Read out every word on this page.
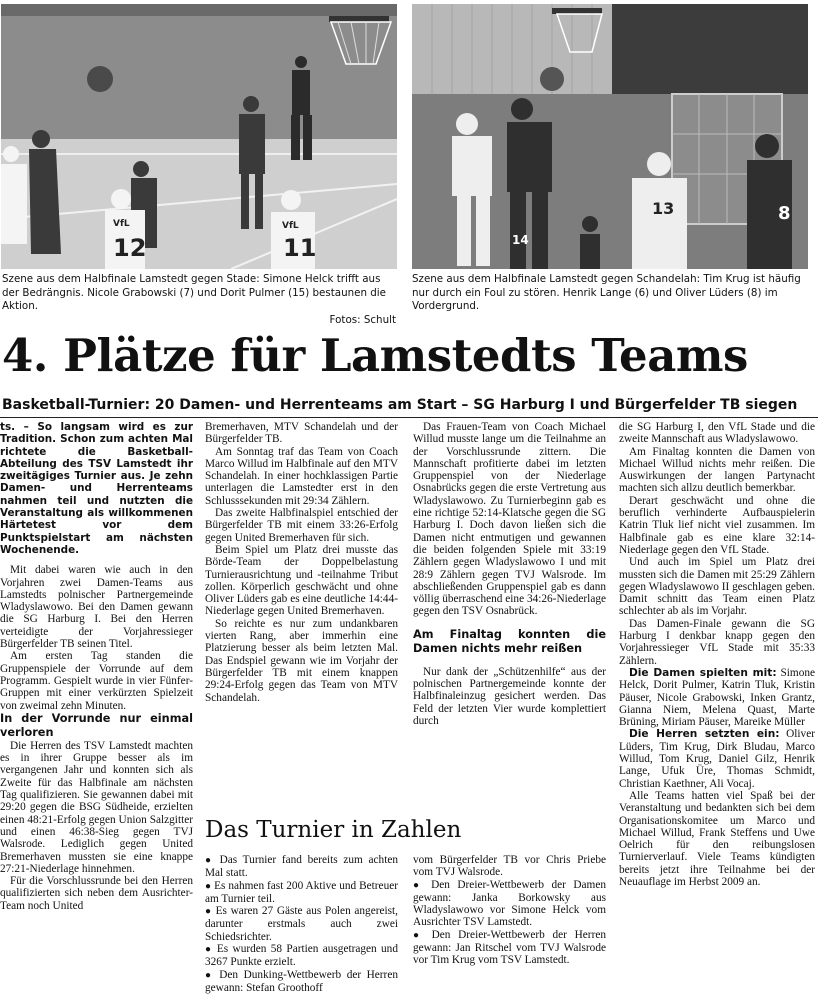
12	11
VfL	VfL
13	8
14
Szene aus dem Halbfinale Lamstedt gegen Stade: Simone Helck trifft aus der Bedrängnis. Nicole Grabowski (7) und Dorit Pulmer (15) bestaunen die Aktion.
Fotos: Schult
Szene aus dem Halbfinale Lamstedt gegen Schandelah: Tim Krug ist häufig nur durch ein Foul zu stören. Henrik Lange (6) und Oliver Lüders (8) im Vordergrund.
4. Plätze für Lamstedts Teams
Basketball-Turnier: 20 Damen- und Herrenteams am Start – SG Harburg I und Bürgerfelder TB siegen

ts. – So langsam wird es zur Tradition. Schon zum achten Mal richtete die Basketball-Abteilung des TSV Lamstedt ihr zweitägiges Turnier aus. Je zehn Damen- und Herrenteams nahmen teil und nutzten die Veranstaltung als willkommenen Härtetest vor dem Punktspielstart am nächsten Wochenende.

Mit dabei waren wie auch in den Vorjahren zwei Damen-Teams aus Lamstedts polnischer Partnergemeinde Wladyslawowo. Bei den Damen gewann die SG Harburg I. Bei den Herren verteidigte der Vorjahressieger Bürgerfelder TB seinen Titel.

Am ersten Tag standen die Gruppenspiele der Vorrunde auf dem Programm. Gespielt wurde in vier Fünfer-Gruppen mit einer verkürzten Spielzeit von zweimal zehn Minuten.

In der Vorrunde nur einmal verloren

Die Herren des TSV Lamstedt machten es in ihrer Gruppe besser als im vergangenen Jahr und konnten sich als Zweite für das Halbfinale am nächsten Tag qualifizieren. Sie gewannen dabei mit 29:20 gegen die BSG Südheide, erzielten einen 48:21-Erfolg gegen Union Salzgitter und einen 46:38-Sieg gegen TVJ Walsrode. Lediglich gegen United Bremerhaven mussten sie eine knappe 27:21-Niederlage hinnehmen.

Für die Vorschlussrunde bei den Herren qualifizierten sich neben dem Ausrichter-Team noch United

Bremerhaven, MTV Schandelah und der Bürgerfelder TB.

Am Sonntag traf das Team von Coach Marco Willud im Halbfinale auf den MTV Schandelah. In einer hochklassigen Partie unterlagen die Lamstedter erst in den Schlusssekunden mit 29:34 Zählern.

Das zweite Halbfinalspiel entschied der Bürgerfelder TB mit einem 33:26-Erfolg gegen United Bremerhaven für sich.

Beim Spiel um Platz drei musste das Börde-Team der Doppelbelastung Turnierausrichtung und -teilnahme Tribut zollen. Körperlich geschwächt und ohne Oliver Lüders gab es eine deutliche 14:44-Niederlage gegen United Bremerhaven.

So reichte es nur zum undankbaren vierten Rang, aber immerhin eine Platzierung besser als beim letzten Mal. Das Endspiel gewann wie im Vorjahr der Bürgerfelder TB mit einem knappen 29:24-Erfolg gegen das Team von MTV Schandelah.

Das Frauen-Team von Coach Michael Willud musste lange um die Teilnahme an der Vorschlussrunde zittern. Die Mannschaft profitierte dabei im letzten Gruppenspiel von der Niederlage Osnabrücks gegen die erste Vertretung aus Wladyslawowo. Zu Turnierbeginn gab es eine richtige 52:14-Klatsche gegen die SG Harburg I. Doch davon ließen sich die Damen nicht entmutigen und gewannen die beiden folgenden Spiele mit 33:19 Zählern gegen Wladyslawowo I und mit 28:9 Zählern gegen TVJ Walsrode. Im abschließenden Gruppenspiel gab es dann völlig überraschend eine 34:26-Niederlage gegen den TSV Osnabrück.

Am Finaltag konnten die Damen nichts mehr reißen

Nur dank der „Schützenhilfe“ aus der polnischen Partnergemeinde konnte der Halbfinaleinzug gesichert werden. Das Feld der letzten Vier wurde komplettiert durch

die SG Harburg I, den VfL Stade und die zweite Mannschaft aus Wladyslawowo.

Am Finaltag konnten die Damen von Michael Willud nichts mehr reißen. Die Auswirkungen der langen Partynacht machten sich allzu deutlich bemerkbar.

Derart geschwächt und ohne die beruflich verhinderte Aufbauspielerin Katrin Tluk lief nicht viel zusammen. Im Halbfinale gab es eine klare 32:14-Niederlage gegen den VfL Stade.

Und auch im Spiel um Platz drei mussten sich die Damen mit 25:29 Zählern gegen Wladyslawowo II geschlagen geben. Damit schnitt das Team einen Platz schlechter ab als im Vorjahr.

Das Damen-Finale gewann die SG Harburg I denkbar knapp gegen den Vorjahressieger VfL Stade mit 35:33 Zählern.

Die Damen spielten mit: Simone Helck, Dorit Pulmer, Katrin Tluk, Kristin Päuser, Nicole Grabowski, Inken Grantz, Gianna Niem, Melena Quast, Marte Brüning, Miriam Päuser, Mareike Müller

Die Herren setzten ein: Oliver Lüders, Tim Krug, Dirk Bludau, Marco Willud, Tom Krug, Daniel Gilz, Henrik Lange, Ufuk Üre, Thomas Schmidt, Christian Kaethner, Ali Vocaj.

Alle Teams hatten viel Spaß bei der Veranstaltung und bedankten sich bei dem Organisationskomitee um Marco und Michael Willud, Frank Steffens und Uwe Oelrich für den reibungslosen Turnierverlauf. Viele Teams kündigten bereits jetzt ihre Teilnahme bei der Neuauflage im Herbst 2009 an.

Das Turnier in Zahlen

● Das Turnier fand bereits zum achten Mal statt.

● Es nahmen fast 200 Aktive und Betreuer am Turnier teil.

● Es waren 27 Gäste aus Polen angereist, darunter erstmals auch zwei Schiedsrichter.

● Es wurden 58 Partien ausgetragen und 3267 Punkte erzielt.

● Den Dunking-Wettbewerb der Herren gewann: Stefan Groothoff

vom Bürgerfelder TB vor Chris Priebe vom TVJ Walsrode.

● Den Dreier-Wettbewerb der Damen gewann: Janka Borkowsky aus Wladyslawowo vor Simone Helck vom Ausrichter TSV Lamstedt.

● Den Dreier-Wettbewerb der Herren gewann: Jan Ritschel vom TVJ Walsrode vor Tim Krug vom TSV Lamstedt.
